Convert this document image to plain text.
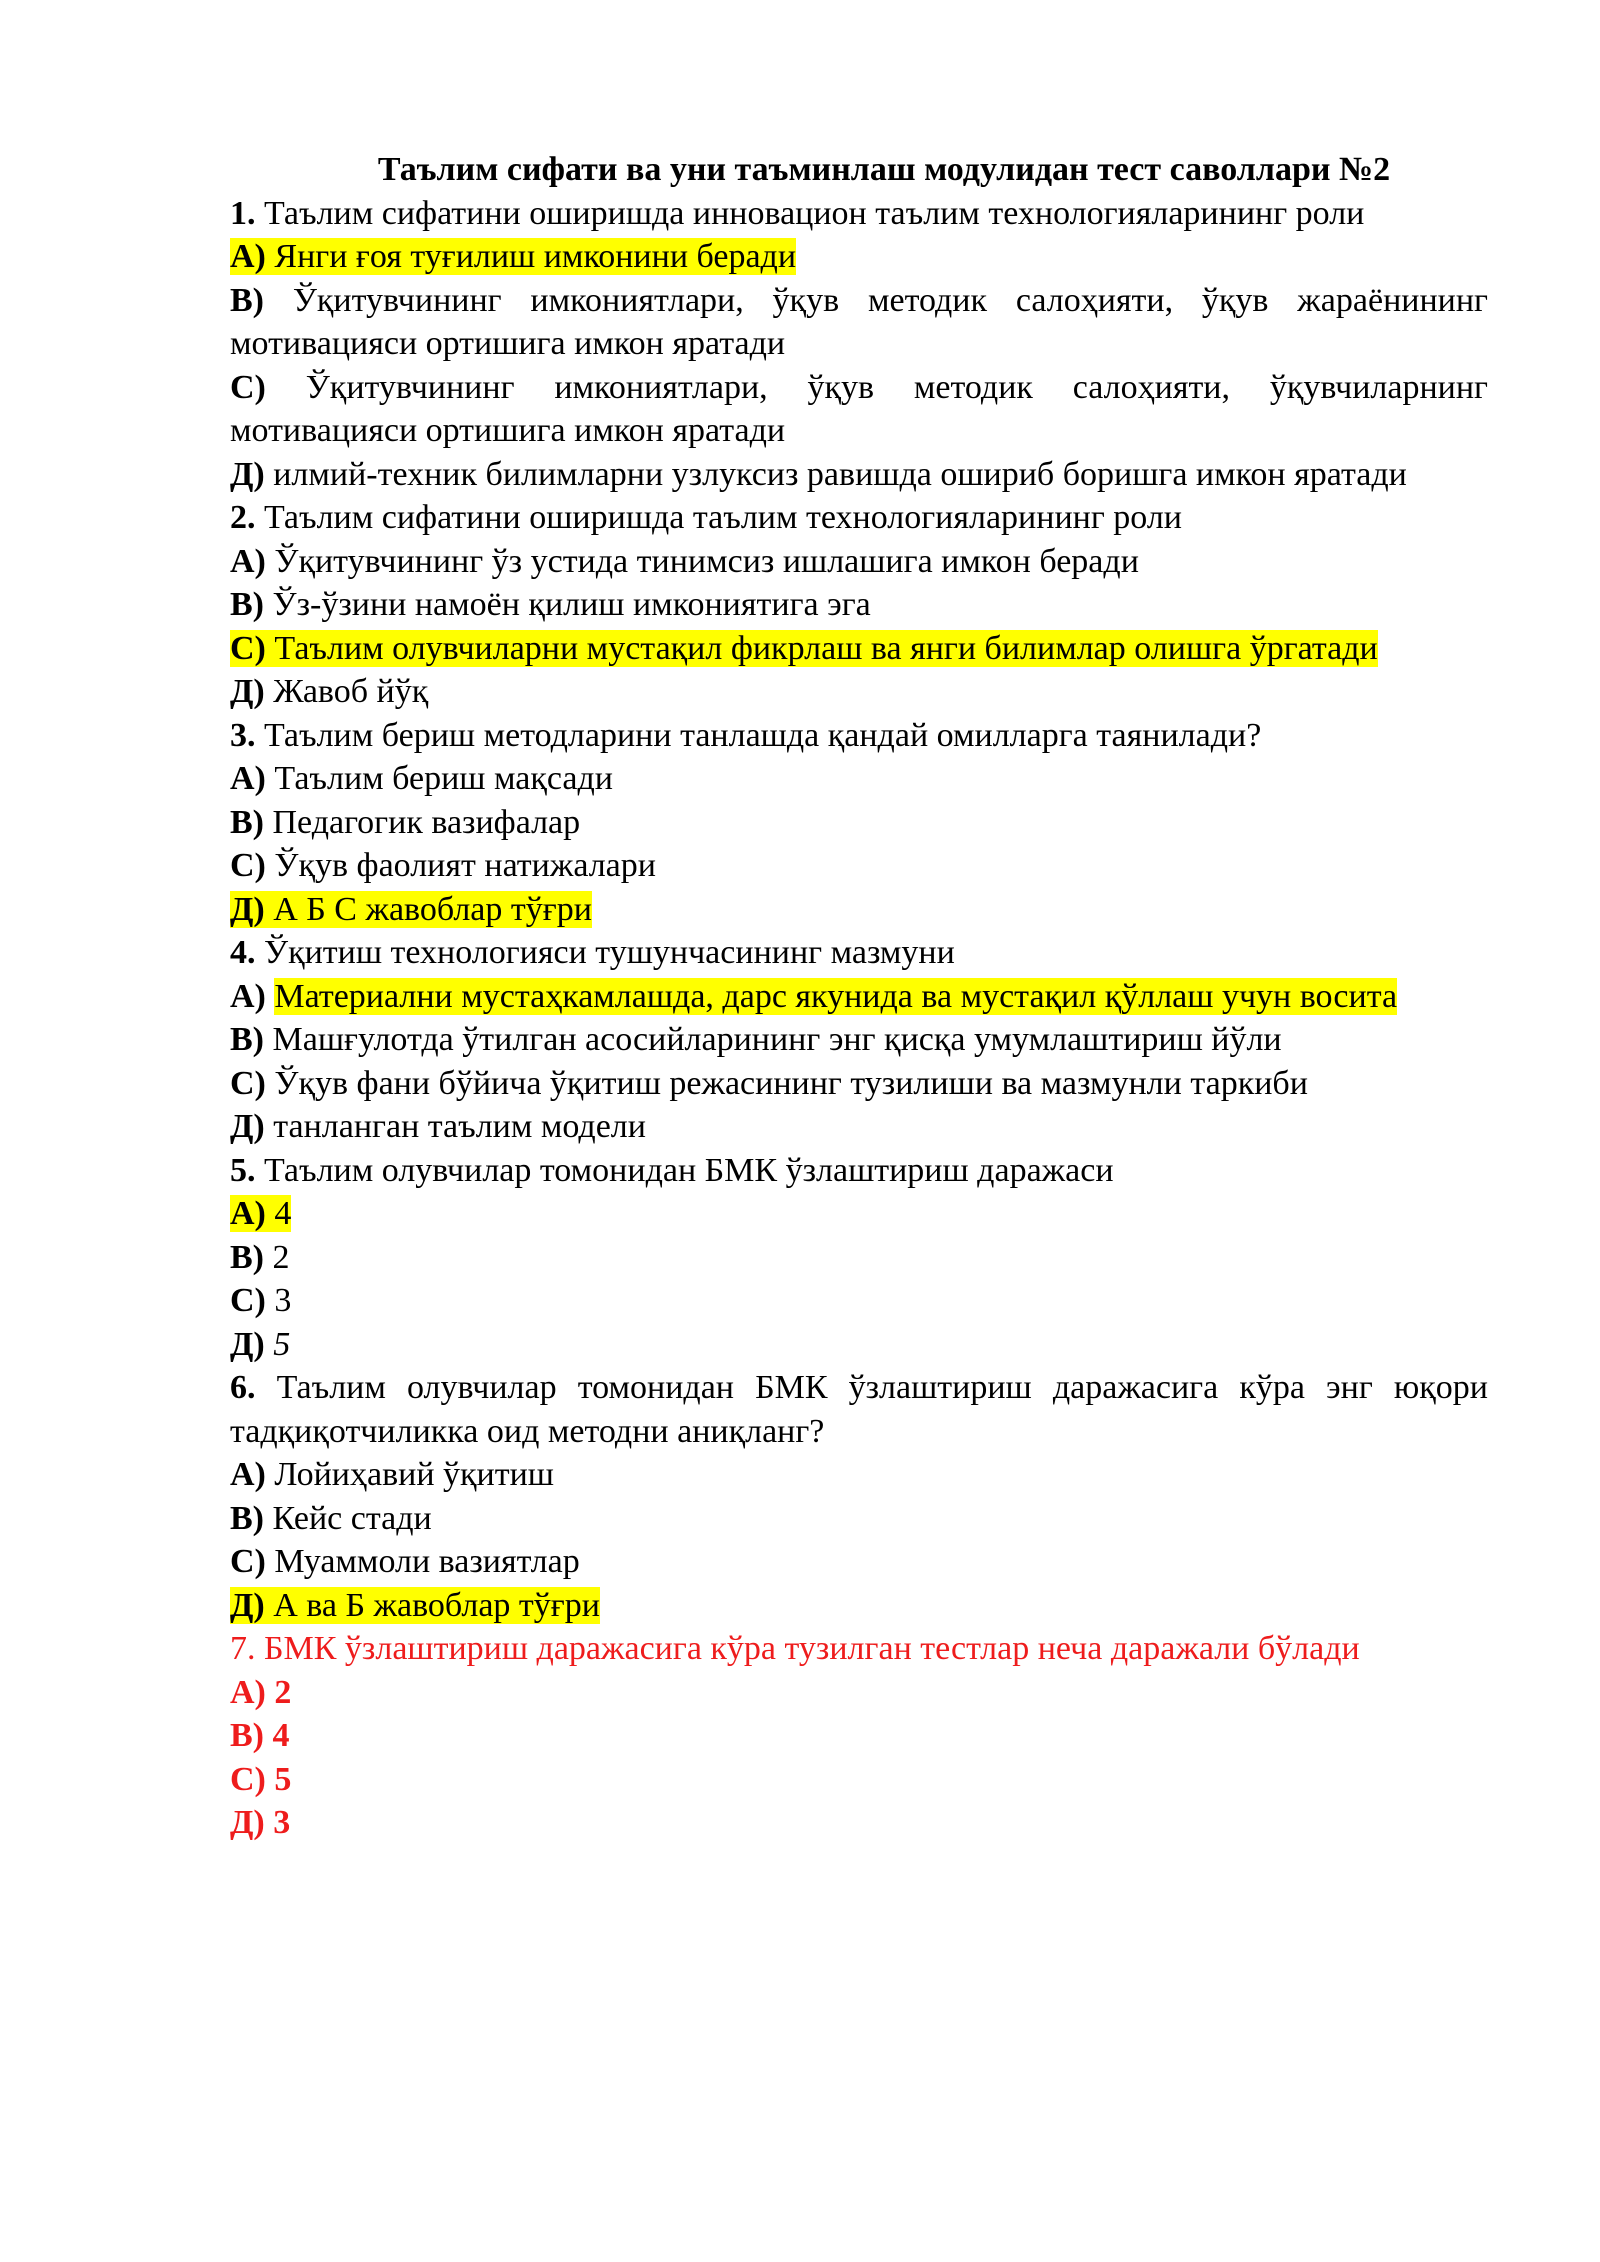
Таълим сифати ва уни таъминлаш модулидан тест саволлари №2

1. Таълим сифатини оширишда инновацион таълим технологияларининг роли

А) Янги ғоя туғилиш имконини беради

В) Ўқитувчининг имкониятлари, ўқув методик салоҳияти, ўқув жараёнининг мотивацияси ортишига имкон яратади

С) Ўқитувчининг имкониятлари, ўқув методик салоҳияти, ўқувчиларнинг мотивацияси ортишига имкон яратади

Д) илмий-техник билимларни узлуксиз равишда ошириб боришга имкон яратади

2. Таълим сифатини оширишда таълим технологияларининг роли

А) Ўқитувчининг ўз устида тинимсиз ишлашига имкон беради

В) Ўз-ўзини намоён қилиш имкониятига эга

С) Таълим олувчиларни мустақил фикрлаш ва янги билимлар олишга ўргатади

Д) Жавоб йўқ

3. Таълим бериш методларини танлашда қандай омилларга таянилади?

А) Таълим бериш мақсади

В) Педагогик вазифалар

С) Ўқув фаолият натижалари

Д) А Б С жавоблар тўғри

4. Ўқитиш технологияси тушунчасининг мазмуни

А) Материални мустаҳкамлашда, дарс якунида ва мустақил қўллаш учун восита

В) Машғулотда ўтилган асосийларининг энг қисқа умумлаштириш йўли

С) Ўқув фани бўйича ўқитиш режасининг тузилиши ва мазмунли таркиби

Д) танланган таълим модели

5. Таълим олувчилар томонидан БМК ўзлаштириш даражаси

А) 4

В) 2

С) 3

Д) 5

6. Таълим олувчилар томонидан БМК ўзлаштириш даражасига кўра энг юқори тадқиқотчиликка оид методни аниқланг?

А) Лойиҳавий ўқитиш

В) Кейс стади

С) Муаммоли вазиятлар

Д) А ва Б жавоблар тўғри

7. БМК ўзлаштириш даражасига кўра тузилган тестлар неча даражали бўлади

А) 2

В) 4

С) 5

Д) 3
